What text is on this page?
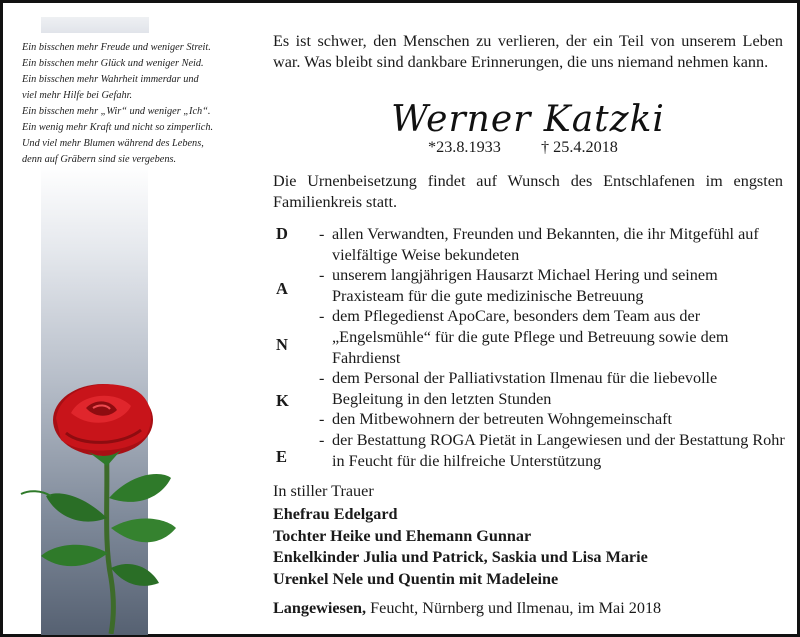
Ein bisschen mehr Freude und weniger Streit.
Ein bisschen mehr Glück und weniger Neid.
Ein bisschen mehr Wahrheit immerdar und
viel mehr Hilfe bei Gefahr.
Ein bisschen mehr „Wir“ und weniger „Ich“.
Ein wenig mehr Kraft und nicht so zimperlich.
Und viel mehr Blumen während des Lebens,
denn auf Gräbern sind sie vergebens.

Es ist schwer, den Menschen zu verlieren, der ein Teil von unserem Leben war. Was bleibt sind dankbare Erinnerungen, die uns niemand nehmen kann.

Werner Katzki
*23.8.1933 † 25.4.2018

Die Urnenbeisetzung findet auf Wunsch des Entschlafenen im engsten Familienkreis statt.

D
A
N
K
E
- allen Verwandten, Freunden und Bekannten, die ihr Mitgefühl auf vielfältige Weise bekundeten
- unserem langjährigen Hausarzt Michael Hering und seinem Praxisteam für die gute medizinische Betreuung
- dem Pflegedienst ApoCare, besonders dem Team aus der „Engelsmühle“ für die gute Pflege und Betreuung sowie dem Fahrdienst
- dem Personal der Palliativstation Ilmenau für die liebevolle Begleitung in den letzten Stunden
- den Mitbewohnern der betreuten Wohngemeinschaft
- der Bestattung ROGA Pietät in Langewiesen und der Bestattung Rohr in Feucht für die hilfreiche Unterstützung
In stiller Trauer
Ehefrau Edelgard
Tochter Heike und Ehemann Gunnar
Enkelkinder Julia und Patrick, Saskia und Lisa Marie
Urenkel Nele und Quentin mit Madeleine
Langewiesen, Feucht, Nürnberg und Ilmenau, im Mai 2018
